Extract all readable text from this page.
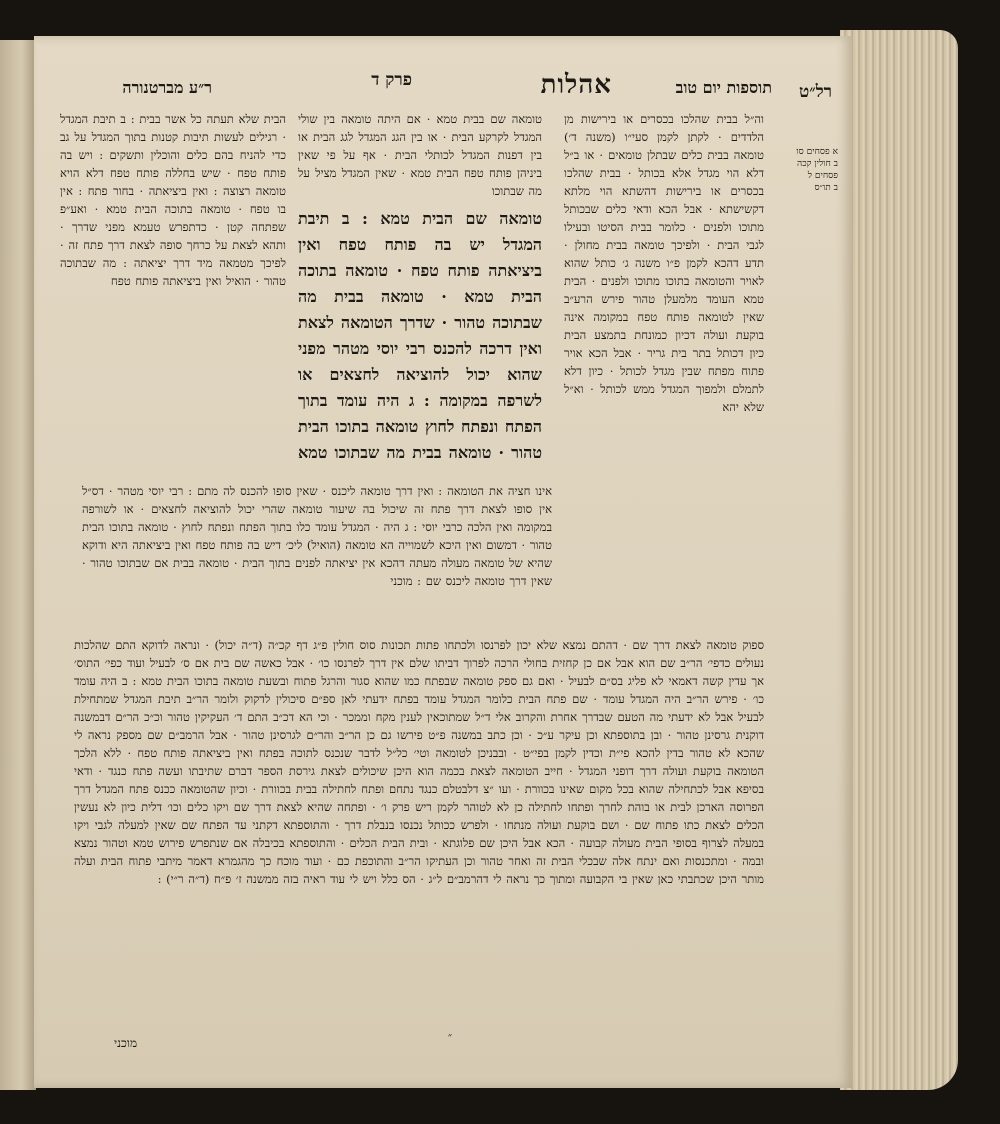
רל״ט
תוספות יום טוב
אהלות
פרק ד
ר״ע מברטנורה
א פסחים סו
ב חולין קכה
פסחים ל
ב תו״ס
וה״ל בבית שהלכו בכסרים או בירישות מן הלדדים · לקתן לקמן סעי״ו (משנה ד׳) טומאה בבית כלים שבתלן טומאים · או ב״ל דלא הוי מגדל אלא בכותל · בבית שהלכו בכסרים או בירישות דהשתא הוי מלתא דקשישתא · אבל הכא ודאי כלים שבכותל מתוכו ולפנים · כלומר בבית הסיטו ובעילו לגבי הבית · ולפיכך טומאה בבית מחולן · תדע דהכא לקמן פ״ו משנה ג׳ כותל שהוא לאויר והטומאה בתוכו מתוכו ולפנים · הבית טמא העומד מלמעלן טהור פירש הרע״ב שאין לטומאה פותח טפח במקומה אינה בוקעת ועולה דכיון כמונחת בתמצע הבית כיון דכותל בתר בית גריר · אבל הכא אויר פתוח מפתח שבין מגדל לכותל · כיון דלא לתמלם ולמפוך המגדל ממש לכותל · וא״ל שלא יהא
טומאה שם בבית טמא · אם היתה טומאה בין שולי המגדל לקרקע הבית · או בין הגג המגדל לגג הבית או בין דפנות המגדל לכותלי הבית · אף על פי שאין ביניהן פותח טפח הבית טמא · שאין המגדל מציל על מה שבתוכו
טומאה שם הבית טמא : ב תיבת המגדל יש בה פותח טפח ואין ביציאתה פותח טפח · טומאה בתוכה הבית טמא · טומאה בבית מה שבתוכה טהור · שדרך הטומאה לצאת ואין דרכה להכנס רבי יוסי מטהר מפני שהוא יכול להוציאה לחצאים או לשרפה במקומה : ג היה עומד בתוך הפתח ונפתח לחוץ טומאה בתוכו הבית טהור · טומאה בבית מה שבתוכו טמא
הבית שלא תעתה כל אשר בבית : ב תיבת המגדל · רגילים לעשות תיבות קטנות בתוך המגדל על גב כדי להניח בהם כלים והוכלין ותשקים : ויש בה פותח טפח · שיש בחללה פותח טפח דלא הויא טומאה רצוצה : ואין ביציאתה · בחור פתח : אין בו טפח · טומאה בתוכה הבית טמא · ואע״פ שפתחה קטן · כדתפרש טעמא מפני שדרך · ותהא לצאת על כרחך סופה לצאת דרך פתח זה · לפיכך מטמאה מיד דרך יציאתה : מה שבתוכה טהור · הואיל ואין ביציאתה פותח טפח
אינו חציה את הטומאה : ואין דרך טומאה ליכנס · שאין סופו להכנס לה מתם : רבי יוסי מטהר · דס״ל אין סופו לצאת דרך פתח זה שיכול בה שיעור טומאה שהרי יכול להוציאה לחצאים · או לשורפה במקומה ואין הלכה כרבי יוסי : ג היה · המגדל עומד כלו בתוך הפתח ונפתח לחוץ · טומאה בתוכו הבית טהור · דמשום ואין היכא לשמוייה הא טומאה (הואיל) ליכ׳ דיש בה פותח טפח ואין ביציאתה היא ודוקא שהיא של טומאה מעולה מעתה דהכא אין יציאתה לפנים בתוך הבית · טומאה בבית אם שבתוכו טהור · שאין דרך טומאה ליכנס שם : מוכני
ספוק טומאה לצאת דרך שם · דהתם נמצא שלא יכון לפרנסו ולכתחו פתות תכונות סוס חולין פ״ג דף קכ״ה (ד״ה יכול) · ונראה לדוקא התם שהלכות נעולים כדפי׳ הר״ב שם הוא אבל אם כן קחזית בחולי הרכה לפרוך דביתו שלם אין דרך לפרנסו כו׳ · אבל כאשה שם בית אם ס׳ לבעיל ועוד כפי׳ התוס׳ אך עדין קשה דאמאי לא פליג בס״ם לבעיל · ואם גם ספק טומאה שבפתח כמו שהוא סגור והרגל פתוח ובשעת טומאה בתוכו הבית טמא : ב היה עומד כו׳ · פירש הר״ב היה המגדל עומד · שם פתח הבית כלומר המגדל עומד בפתח ידעתי לאן ספ״ם סיכולין לדקוק ולומר הר״ב תיבת המגדל שמתחילת לבעיל אבל לא ידעתי מה הטעם שבדרך אחרת והקרוב אלי ד״ל שמתוכאין לענין מקח וממכר · וכי הא דכ״ב התם ד׳ העקיקין טהור וכ״כ הר״ם דבמשנה דוקנית גרסינן טהור · ובן בתוספתא וכן עיקר ע״כ · וכן כתב במשנה פ״ט פירשו גם כן הר״ב והר״ם לגרסינן טהור · אבל הרמב״ם שם מספק נראה לי שהכא לא טהור בדין להכא פי״ת וכדין לקמן בפי״ט · ובבניכן לטומאה וטי׳ כל״ל לדבר שנכנס לתוכה בפתח ואין ביציאתה פותח טפח · ללא הלכך הטומאה בוקעת ועולה דרך דופני המגדל · חייב הטומאה לצאת בכמה הוא היכן שיכולים לצאת גירסת הספר דברם שתיבתו ועשה פתח כנגד · ודאי בסיפא אבל לכתחילה שהוא בכל מקום שאינו בכוורת · ועו ״צ דלבטלם כנגד נתחם ופתח לחתילה בבית בכוורת · וכיון שהטומאה ככנס פתח המגדל דרך הפרוסה הארכן לבית או בוהת לחרך ופתחו לחתילה כן לא לטוהר לקמן ריש פרק ו׳ · ופתחה שהיא לצאת דרך שם ויקו כלים וכו׳ דלית כיון לא נעשין הכלים לצאת כתו פתוח שם · ושם בוקעת ועולה מנתחו · ולפרש ככותל נכנסו בנבלת דרך · והתוספתא דקתני עד הפתח שם שאין למעלה לגבי ויקו במעלה לצרוף בסופי הבית מעולה קבועה · הכא אבל היכן שם פלוגתא · ובית הבית הכלים · והתוספתא בכיבלה אם שנתפרש פירוש טמא וטהור נמצא ובמה · ומתכנסות ואם ינתח אלה שבכלי הבית זה ואחר טהור וכן העתיקו הר״ב והתוכפת כם · ועוד מוכח כך מהגמרא דאמר מיתבי פתוח הבית ועלה מותר היכן שכתבתי כאן שאין בי הקבועה ומתוך כך נראה לי דהרמב״ם ל״ג · הס כלל ויש לי עוד ראיה בזה ממשנה ז׳ פ״ח (ד״ה ר״י) :
״
מוכני
